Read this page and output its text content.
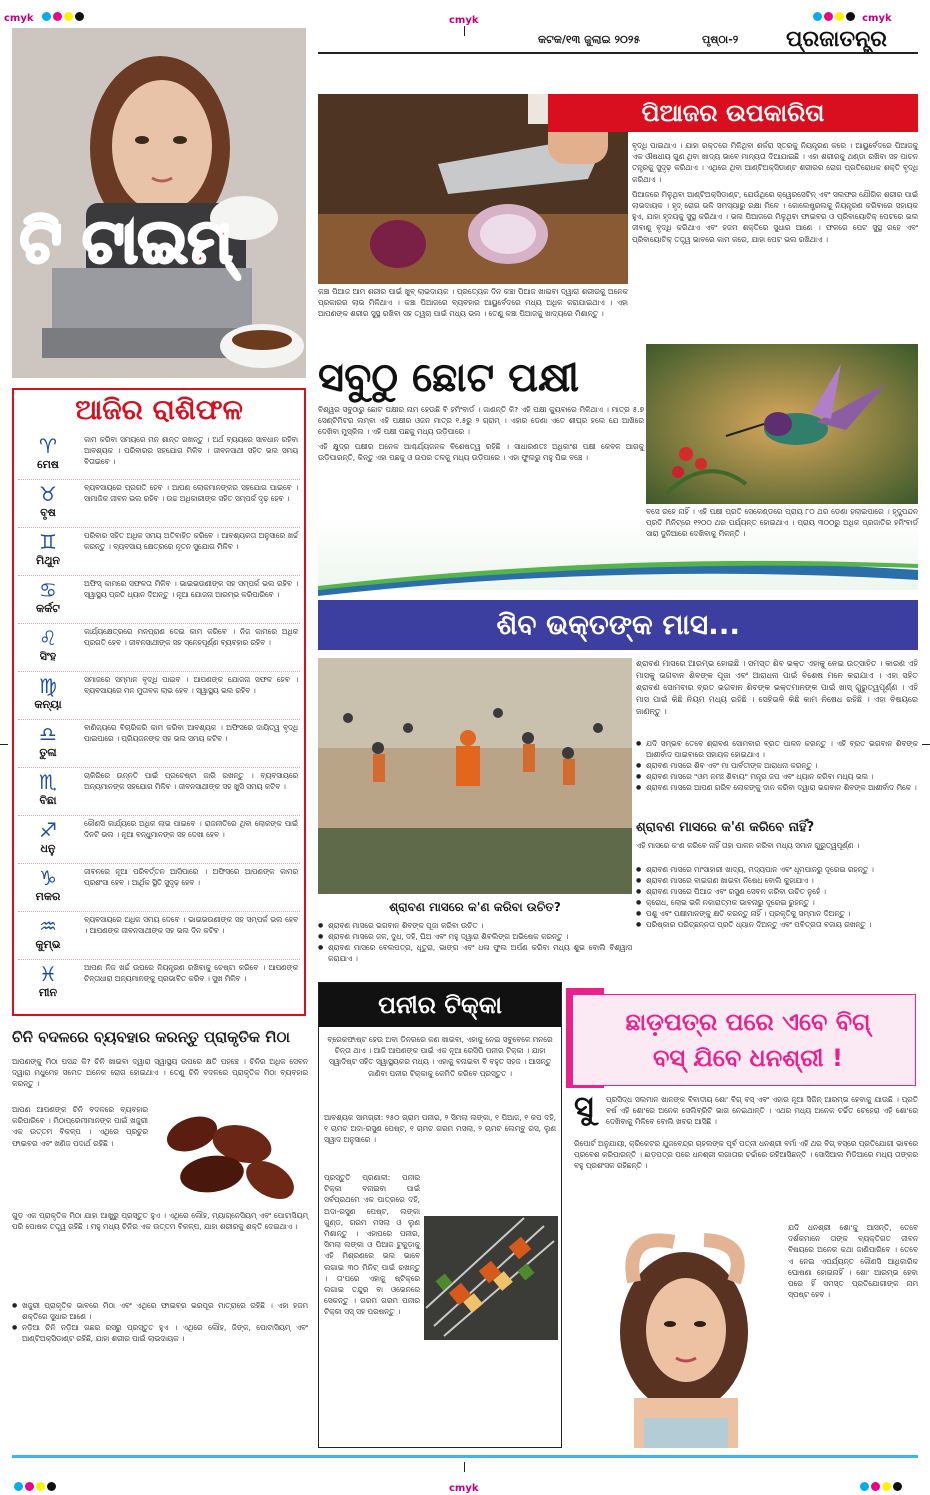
cmyk	cmyk	cmyk
cmyk
କଟକ/୧୩ ଜୁଲାଇ ୨୦୨୫	ପୃଷ୍ଠା-୨ ପ୍ରଜାତନ୍ତ୍ର
ଟି ଟାଇମ୍
ପିଆଜର ଉପକାରିତା
କଞ୍ଚା ପିଆଜ ଆମ ଶରୀର ପାଇଁ ଖୁବ୍ ଲାଭଦାୟକ । ପ୍ରତ୍ୟେକ ଦିନ କଞ୍ଚା ପିଆଜ ଖାଇବା ଦ୍ୱାରା ଶରୀରକୁ ଅନେକ ପ୍ରକାରର ଲାଭ ମିଳିଥାଏ । କଞ୍ଚା ପିଆଜରେ ବ୍ୟବହାର ଆୟୁର୍ବେଦରେ ମଧ୍ୟ ଅଧିକ କରାଯାଇଥାଏ । ଏହା ଆପଣଙ୍କ ଶରୀର ସୁସ୍ଥ ରଖିବା ସହ ତ୍ୱଚା ପାଇଁ ମଧ୍ୟ ଭଲ । ତେଣୁ କଞ୍ଚା ପିଆଜକୁ ଖାଦ୍ୟରେ ମିଶାନ୍ତୁ ।

ବୃଦ୍ଧି ପାଇଥାଏ । ଯାହା ରକ୍ତରେ ମିଳିଥିବା ଶର୍କରା ସ୍ତରକୁ ନିୟନ୍ତ୍ରଣ କରେ । ଆୟୁର୍ବେଦରେ ପିଆଜକୁ ଏକ ଔଷଧୀୟ ଗୁଣ ଥିବା ଖାଦ୍ୟ ଭାବେ ମାନ୍ୟତା ଦିଆଯାଇଛି । ଏହା ଶରୀରକୁ ଥଣ୍ଡା ରଖିବା ସହ ପାଚନ ତନ୍ତ୍ରକୁ ସୁଦୃଢ଼ କରିଥାଏ । ଏଥିରେ ଥିବା ଆଣ୍ଟିଅକ୍ସିଡାଣ୍ଟ ଶରୀରର ରୋଗ ପ୍ରତିରୋଧକ ଶକ୍ତି ବୃଦ୍ଧି କରିଥାଏ ।

ପିଆଜରେ ମିଳୁଥିବା ଆଣ୍ଟିଅକ୍ସିଡାଣ୍ଟ, ଯେଉଁଥିରେ କ୍ୱେରସେଟିନ୍ ଏବଂ ସଲଫର ଯୌଗିକ ଶରୀର ପାଇଁ ଲାଭଦାୟକ । ହୃଦ୍ ରୋଗ ଭଳି ସମସ୍ୟାରୁ ରକ୍ଷା ମିଳେ । କୋଲେଷ୍ଟ୍ରଲକୁ ନିୟନ୍ତ୍ରଣ କରିବାରେ ସହାୟକ ହୁଏ, ଯାହା ହୃଦୟକୁ ସୁସ୍ଥ କରିଥାଏ । ଭଲ ପିଆଜରେ ମିଳୁଥିବା ଫାଇବର ଓ ପ୍ରିବାୟୋଟିକ୍ ପେଟରେ ଭଲ ଜୀବାଣୁ ବୃଦ୍ଧି କରିଥାଏ ଏବଂ ହଜମ ଶକ୍ତିରେ ସୁଧାର ଆଣେ । ଫଳରେ ପେଟ ସୁସ୍ଥ ରହେ ଏବଂ ପ୍ରିବାୟୋଟିକ୍ ତତ୍ତ୍ୱ ଭାବରେ କାମ କରେ, ଯାହା ପେଟ ଭଲ ରଖିଥାଏ ।

ଆଜିର ରାଶିଫଳ
♈
ମେଷ
କାମ କରିବା ସମୟରେ ମନ ଶାନ୍ତ ରଖନ୍ତୁ । ଅର୍ଥ ବ୍ୟୟରେ ସାବଧାନ ରହିବା ଆବଶ୍ୟକ । ପରିବାରର ସହଯୋଗ ମିଳିବ । ଜୀବନସାଥୀ ସହିତ ଭଲ ସମୟ ବିତାଇବେ ।
♉
ବୃଷ
ବ୍ୟବସାୟରେ ପ୍ରଗତି ହେବ । ଆପଣ ଲୋକମାନଙ୍କର ସହଯୋଗ ପାଇବେ । ସାମାଜିକ ଜୀବନ ଭଲ ରହିବ । ଉଚ୍ଚ ଅଧିକାରୀଙ୍କ ସହିତ ସମ୍ପର୍କ ଦୃଢ଼ ହେବ ।
♊
ମିଥୁନ
ପରିବାର ସହିତ ଅଧିକ ସମୟ ଅତିବାହିତ କରିବେ । ଆବଶ୍ୟକତା ଅନୁସାରେ ଖର୍ଚ୍ଚ କରନ୍ତୁ । ବ୍ୟବସାୟ କ୍ଷେତ୍ରରେ ନୂତନ ସୁଯୋଗ ମିଳିବ ।
♋
କର୍କଟ
ଅଫିସ୍ କାମରେ ସଫଳତା ମିଳିବ । ଭାଇଭଉଣୀଙ୍କ ସହ ସମ୍ପର୍କ ଭଲ ରହିବ । ସ୍ୱାସ୍ଥ୍ୟ ପ୍ରତି ଧ୍ୟାନ ଦିଅନ୍ତୁ । ନୂଆ ଯୋଜନା ଆରମ୍ଭ କରିପାରିବେ ।
♌
ସିଂହ
କାର୍ଯ୍ୟକ୍ଷେତ୍ରରେ ମନପ୍ରାଣ ଦେଇ କାମ କରିବେ । ନିଜ କାମରେ ଅଧିକ ପ୍ରଗତି ହେବ । ଜୀବନସାଥୀଙ୍କ ସହ ସ୍ନେହପୂର୍ଣ୍ଣ ବ୍ୟବହାର ରହିବ ।
♍
କନ୍ୟା
ସମାଜରେ ସମ୍ମାନ ବୃଦ୍ଧି ପାଇବ । ଆପଣଙ୍କ ଯୋଜନା ସଫଳ ହେବ । ବ୍ୟବସାୟରେ ମନ ମୁତାବକ ଲାଭ ହେବ । ସ୍ୱାସ୍ଥ୍ୟ ଭଲ ରହିବ ।
♎
ତୁଳା
ବାଣିଜ୍ୟରେ ବିଚାରିକରି କାମ କରିବା ଆବଶ୍ୟକ । ଅଫିସରେ ଦାୟିତ୍ୱ ବୃଦ୍ଧି ପାଇପାରେ । ପ୍ରିୟଜନଙ୍କ ସହ ଭଲ ସମୟ କଟିବ ।
♏
ବିଛା
ଚାକିରିରେ ଉନ୍ନତି ପାଇଁ ପ୍ରଚେଷ୍ଟା ଜାରି ରଖନ୍ତୁ । ବ୍ୟବସାୟରେ ଅନ୍ୟମାନଙ୍କ ସହଯୋଗ ମିଳିବ । ଜୀବନସାଥୀଙ୍କ ସହ ଖୁସି ସମୟ କଟିବ ।
♐
ଧନୁ
କୌଣସି କାର୍ଯ୍ୟରେ ଅଧିକ ଲାଭ ପାଇବେ । ରାଜନୀତିରେ ଥିବା ଲୋକଙ୍କ ପାଇଁ ଦିନଟି ଭଲ । ନୂଆ ବନ୍ଧୁମାନଙ୍କ ସହ ଦେଖା ହେବ ।
♑
ମକର
ଜୀବନରେ ନୂଆ ପରିବର୍ତ୍ତନ ଆସିପାରେ । ଅଫିସରେ ଆପଣଙ୍କ କାମର ପ୍ରଶଂସା ହେବ । ଆର୍ଥିକ ସ୍ଥିତି ସୁଦୃଢ଼ ହେବ ।
♒
କୁମ୍ଭ
ବ୍ୟବସାୟରେ ଅଧିକ ସମୟ ଦେବେ । ଭାଇଭଉଣୀଙ୍କ ସହ ସମ୍ପର୍କ ଭଲ ହେବ । ଆପଣଙ୍କ ଜୀବନସାଥୀଙ୍କ ସହ ଭଲ ଦିନ କଟିବ ।
♓
ମୀନ
ଆପଣ ନିଜ ଖର୍ଚ୍ଚ ଉପରେ ନିୟନ୍ତ୍ରଣ ରଖିବାକୁ ଚେଷ୍ଟା କରିବେ । ଆପଣଙ୍କ ଚିନ୍ତାଧାରା ଅନ୍ୟମାନଙ୍କୁ ପ୍ରଭାବିତ କରିବ । ସୁଖ ମିଳିବ ।
ସବୁଠୁ ଛୋଟ ପକ୍ଷୀ

ବିଶ୍ୱର ସବୁଠାରୁ ଛୋଟ ପକ୍ଷୀର ନାମ ହେଉଛି ବି ହମିଂବାର୍ଡ । ଜାଣନ୍ତି କି? ଏହି ପକ୍ଷୀ କ୍ୟୁବାରେ ମିଳିଥାଏ । ମାତ୍ର ୫.୭ ସେଣ୍ଟିମିଟର ଲମ୍ବା ଏହି ପକ୍ଷୀର ଓଜନ ମାତ୍ର ୧.୫ରୁ ୨ ଗ୍ରାମ୍ । ଏହାର ଡେଣା ଏତେ ଶୀଘ୍ର ହଲେ ଯେ ଆଖିରେ ଦେଖିବା ମୁସ୍କିଲ । ଏହି ପକ୍ଷୀ ପଛକୁ ମଧ୍ୟ ଉଡ଼ିପାରେ ।

ଏହି କ୍ଷୁଦ୍ର ପକ୍ଷୀର ଅନେକ ଆଶ୍ଚର୍ଯ୍ୟଜନକ ବିଶେଷତ୍ୱ ରହିଛି । ସାଧାରଣତଃ ଅଧିକାଂଶ ପକ୍ଷୀ କେବଳ ଆଗକୁ ଉଡ଼ିପାରନ୍ତି, କିନ୍ତୁ ଏହା ପଛକୁ ଓ ଉପର ତଳକୁ ମଧ୍ୟ ଉଡ଼ିପାରେ । ଏହା ଫୁଲରୁ ମହୁ ପିଇ ବଞ୍ଚେ ।

ବସେ ରହେ ନାହିଁ । ଏହି ପକ୍ଷୀ ପ୍ରତି ସେକେଣ୍ଡରେ ପ୍ରାୟ ୮୦ ଥର ଡେଣା ହଲାଇପାରେ । ହୃଦ୍ସ୍ପନ୍ଦନ ପ୍ରତି ମିନିଟ୍‌ରେ ୧୨୦୦ ଥର ପର୍ଯ୍ୟନ୍ତ ହୋଇଥାଏ । ପ୍ରାୟ ୩୦୦ରୁ ଅଧିକ ପ୍ରଜାତିର ହମିଂବାର୍ଡ ସାରା ଦୁନିଆରେ ଦେଖିବାକୁ ମିଳନ୍ତି ।
ଶିବ ଭକ୍ତଙ୍କ ମାସ...
ଶ୍ରାବଣ ମାସରେ ଆରମ୍ଭ ହୋଇଛି । ସମସ୍ତ ଶିବ ଭକ୍ତ ଏହାକୁ ନେଇ ଉତ୍ସାହିତ । କାରଣ ଏହି ମାସକୁ ଭଗବାନ ଶିବଙ୍କ ପୂଜା ଏବଂ ଆରାଧନା ପାଇଁ ବିଶେଷ ମନେ କରାଯାଏ । ଏହା ସହିତ ଶ୍ରାବଣ ସୋମବାର ବ୍ରତ ଭଗବାନ ଶିବଙ୍କ ଭକ୍ତମାନଙ୍କ ପାଇଁ ଖାସ୍ ଗୁରୁତ୍ୱପୂର୍ଣ୍ଣ । ଏହି ମାସ ପାଇଁ କିଛି ନିୟମ ମଧ୍ୟ ରହିଛି । ସେହିଭଳି କିଛି କାମ ନିଷେଧ ରହିଛି । ଏହା ବିଷୟରେ ଜାଣନ୍ତୁ ।
● ଯଦି ସମ୍ଭବ ତେବେ ଶ୍ରାବଣ ସୋମବାର ବ୍ରତ ପାଳନ କରନ୍ତୁ । ଏହି ବ୍ରତ ଭଗବାନ ଶିବଙ୍କ ଆଶୀର୍ବାଦ ପାଇବାରେ ସହାୟକ ହୋଇଥାଏ ।
● ଶ୍ରାବଣ ମାସରେ ଶିବ ଏବଂ ମା ପାର୍ବତୀଙ୍କ ଆରାଧନା କରନ୍ତୁ ।
● ଶ୍ରାବଣ ମାସରେ "ଓମ ନମଃ ଶିବାୟ" ମନ୍ତ୍ର ଜପ ଏବଂ ଧ୍ୟାନ କରିବା ମଧ୍ୟ ଭଲ ।
● ଶ୍ରାବଣ ମାସରେ ଆପଣ ଗରିବ ଲୋକଙ୍କୁ ଦାନ କରିବା ଦ୍ୱାରା ଭଗବାନ ଶିବଙ୍କ ଆଶୀର୍ବାଦ ମିଳେ ।
ଶ୍ରାବଣ ମାସରେ କ'ଣ କରିବେ ନାହିଁ?
ଏହି ମାସରେ କ'ଣ କରିବେ ନାହିଁ ତାହା ପାଳନ କରିବା ମଧ୍ୟ ସମାନ ଗୁରୁତ୍ୱପୂର୍ଣ୍ଣ ।
● ଶ୍ରାବଣ ମାସରେ ମାଂସାହାରୀ ଖାଦ୍ୟ, ମଦ୍ୟପାନ ଏବଂ ଧୂମପାନରୁ ଦୂରେଇ ରହନ୍ତୁ ।
● ଶ୍ରାବଣ ମାସରେ ବାଇଗଣ ଖାଇବା ନିଷେଧ ବୋଲି କୁହାଯାଏ ।
● ଶ୍ରାବଣ ମାସରେ ପିଆଜ ଏବଂ ରସୁଣ ସେବନ କରିବା ଉଚିତ ନୁହେଁ ।
● କ୍ରୋଧ, ଲୋଭ ଭଳି ନକାରାତ୍ମକ ଭାବନାରୁ ଦୂରେଇ ରୁହନ୍ତୁ ।
● ପଶୁ ଏବଂ ପକ୍ଷୀମାନଙ୍କୁ କ୍ଷତି କରନ୍ତୁ ନାହିଁ । ପ୍ରକୃତିକୁ ସମ୍ମାନ ଦିଅନ୍ତୁ ।
● ପରିଷ୍କାର ପରିଚ୍ଛନ୍ନତା ପ୍ରତି ଧ୍ୟାନ ଦିଅନ୍ତୁ ଏବଂ ପବିତ୍ରତା ବଜାୟ ରଖନ୍ତୁ ।
ଶ୍ରାବଣ ମାସରେ କ'ଣ କରିବା ଉଚିତ?
● ଶ୍ରାବଣ ମାସରେ ଭଗବାନ ଶିବଙ୍କ ପୂଜା କରିବା ଉଚିତ ।
● ଶ୍ରାବଣ ମାସରେ ଜଳ, ଦୁଧ, ଦହି, ଘିଅ ଏବଂ ମହୁ ଦ୍ୱାରା ଶିବଲିଙ୍ଗ ଅଭିଷେକ କରନ୍ତୁ ।
● ଶ୍ରାବଣ ମାସରେ ବେଲପତ୍ର, ଧୂତୁରା, ଭାଙ୍ଗ ଏବଂ ଧଳା ଫୁଲ ଅର୍ପଣ କରିବା ମଧ୍ୟ ଶୁଭ ବୋଲି ବିଶ୍ୱାସ କରାଯାଏ ।
ଚିନି ବଦଳରେ ବ୍ୟବହାର କରନ୍ତୁ ପ୍ରାକୃତିକ ମିଠା
ଆପଣଙ୍କୁ ମିଠା ପସନ୍ଦ କି? ଚିନି ଖାଇବା ଦ୍ୱାରା ସ୍ୱାସ୍ଥ୍ୟ ଉପରେ କ୍ଷତି ପହଞ୍ଚେ । ଚିନିର ଅଧିକ ସେବନ ଦ୍ୱାରା ମଧୁମେହ ସମେତ ଅନେକ ରୋଗ ହୋଇଥାଏ । ତେଣୁ ଚିନି ବଦଳରେ ପ୍ରାକୃତିକ ମିଠା ବ୍ୟବହାର କରନ୍ତୁ ।
ଆପଣ ଆପଣଙ୍କ ଚିନି ବଦଳରେ ବ୍ୟବହାର କରିପାରିବେ । ମିଠାପ୍ରେମୀମାନଙ୍କ ପାଇଁ ଖଜୁରୀ ଏକ ଉତ୍ତମ ବିକଳ୍ପ । ଏଥିରେ ପ୍ରଚୁର ଫାଇବର ଏବଂ ଖଣିଜ ପଦାର୍ଥ ରହିଛି ।
ଗୁଡ଼ ଏକ ପ୍ରାକୃତିକ ମିଠା ଯାହା ଆଖୁରୁ ପ୍ରସ୍ତୁତ ହୁଏ । ଏଥିରେ ଲୌହ, ମ୍ୟାଗ୍ନେସିୟମ୍ ଏବଂ ପୋଟାସିୟମ୍ ପରି ପୋଷକ ତତ୍ତ୍ୱ ରହିଛି । ମହୁ ମଧ୍ୟ ଚିନିର ଏକ ଉତ୍ତମ ବିକଳ୍ପ, ଯାହା ଶରୀରକୁ ଶକ୍ତି ଦେଇଥାଏ ।
● ଖଜୁରୀ ପ୍ରାକୃତିକ ଭାବରେ ମିଠା ଏବଂ ଏଥିରେ ଫାଇବର ଭରପୂର ମାତ୍ରାରେ ରହିଛି । ଏହା ହଜମ ଶକ୍ତିରେ ସୁଧାର ଆଣେ ।
● ନଡ଼ିଆ ଚିନି ନଡ଼ିଆ ଗଛର ରସରୁ ପ୍ରସ୍ତୁତ ହୁଏ । ଏଥିରେ ଲୌହ, ଜିଙ୍କ, ପୋଟାସିୟମ୍ ଏବଂ ଆଣ୍ଟିଅକ୍ସିଡାଣ୍ଟ ରହିଛି, ଯାହା ଶରୀର ପାଇଁ ଲାଭଦାୟକ ।
ପନୀର ଟିକ୍କା
ବ୍ରେକଫାଷ୍ଟ ହେଉ ଅବା ଡିନରରେ କଣ ଖାଇବା, ଏହାକୁ ନେଇ ସବୁବେଳେ ମନରେ ଚିନ୍ତା ଥାଏ । ଆଜି ଆପଣଙ୍କ ପାଇଁ ଏକ ନୂଆ ରେସିପି ପନୀର ଟିକ୍କା । ଯାହା ସ୍ୱାଦିଷ୍ଟ ସହିତ ସ୍ୱାସ୍ଥ୍ୟକର ମଧ୍ୟ । ଏହାକୁ ବନାଇବା ବି ବହୁତ ସହଜ । ଆସନ୍ତୁ ଜାଣିବା ପନୀର ଟିକ୍କାକୁ କେମିତି କରିବେ ପ୍ରସ୍ତୁତ ।
ଆବଶ୍ୟକ ସାମଗ୍ରୀ: ୨୫୦ ଗ୍ରାମ ପନୀର, ୨ ସିମଲା ଲଙ୍କା, ୧ ପିଆଜ, ୧ କପ ଦହି, ୧ ଚାମଚ ଅଦା-ରସୁଣ ପେଷ୍ଟ, ୧ ଚାମଚ ଗରମ ମସଲା, ୨ ଚାମଚ ଲେମ୍ବୁ ରସ, ଲୁଣ ସ୍ୱାଦ ଅନୁସାରେ ।
ପ୍ରସ୍ତୁତି ପ୍ରଣାଳୀ: ପନୀର ଟିକ୍କା ବନାଇବା ପାଇଁ ସର୍ବପ୍ରଥମେ ଏକ ପାତ୍ରରେ ଦହି, ଅଦା-ରସୁଣ ପେଷ୍ଟ, ଲଙ୍କା ଗୁଣ୍ଡ, ଗରମ ମସଲା ଓ ଲୁଣ ମିଶାନ୍ତୁ । ଏହାପରେ ପନୀର, ସିମଲା ଲଙ୍କା ଓ ପିଆଜ ଟୁକୁଡ଼ାକୁ ଏହି ମିଶ୍ରଣରେ ଭଲ ଭାବେ ଲଗାଇ ୩୦ ମିନିଟ୍ ପାଇଁ ରଖନ୍ତୁ । ତା'ପରେ ଏହାକୁ ଷ୍ଟିକ୍‌ରେ ଲଗାଇ ତନ୍ଦୁର ବା ଓଭେନରେ ସେକନ୍ତୁ । ଗରମ ଗରମ ପନୀର ଟିକ୍କା ସସ୍ ସହ ପରଷନ୍ତୁ ।
ଛାଡ଼ପତ୍ର ପରେ ଏବେ ବିଗ୍
ବସ୍ ଯିବେ ଧନଶ୍ରୀ !
ସୁ ପ୍ରସିଦ୍ଧ ସଲମାନ ଖାନଙ୍କ ବିବାଦୀୟ ଶୋ' ବିଗ୍ ବସ୍ ଏବଂ ଏହାର ନୂଆ ସିଜିନ୍ ଆରମ୍ଭ ହେବାକୁ ଯାଉଛି । ପ୍ରତି ବର୍ଷ ଏହି ଶୋ'ରେ ଅନେକ ସେଲିବ୍ରିଟି ଭାଗ ନେଇଥାନ୍ତି । ଏଥର ମଧ୍ୟ ଅନେକ ଚର୍ଚ୍ଚିତ ଚେହେରା ଏହି ଶୋ'ରେ ଦେଖିବାକୁ ମିଳିବେ ବୋଲି ଖବର ଆସିଛି ।
ରିପୋର୍ଟ ଅନୁଯାୟୀ, କ୍ରିକେଟର ଯୁଜବେନ୍ଦ୍ର ଚାହଲଙ୍କ ପୂର୍ବ ପତ୍ନୀ ଧନଶ୍ରୀ ବର୍ମା ଏହି ଥର ବିଗ୍ ବସ୍‌ରେ ପ୍ରତିଯୋଗୀ ଭାବରେ ପ୍ରବେଶ କରିପାରନ୍ତି । ଛାଡ଼ପତ୍ର ପରେ ଧନଶ୍ରୀ ଲଗାତାର ଚର୍ଚ୍ଚାରେ ରହିଆସିଛନ୍ତି । ସୋସିଆଲ ମିଡିଆରେ ମଧ୍ୟ ତାଙ୍କର ବହୁ ପ୍ରଶଂସକ ରହିଛନ୍ତି ।
ଯଦି ଧନଶ୍ରୀ ଶୋ'କୁ ଆସନ୍ତି, ତେବେ ଦର୍ଶକମାନେ ତାଙ୍କ ବ୍ୟକ୍ତିଗତ ଜୀବନ ବିଷୟରେ ଅନେକ କଥା ଜାଣିପାରିବେ । ତେବେ ଏ ନେଇ ଏପର୍ଯ୍ୟନ୍ତ କୌଣସି ଆଧିକାରିକ ଘୋଷଣା ହୋଇନାହିଁ । ଶୋ' ଆରମ୍ଭ ହେବା ପରେ ହିଁ ସମସ୍ତ ପ୍ରତିଯୋଗୀଙ୍କ ନାମ ସ୍ପଷ୍ଟ ହେବ ।
